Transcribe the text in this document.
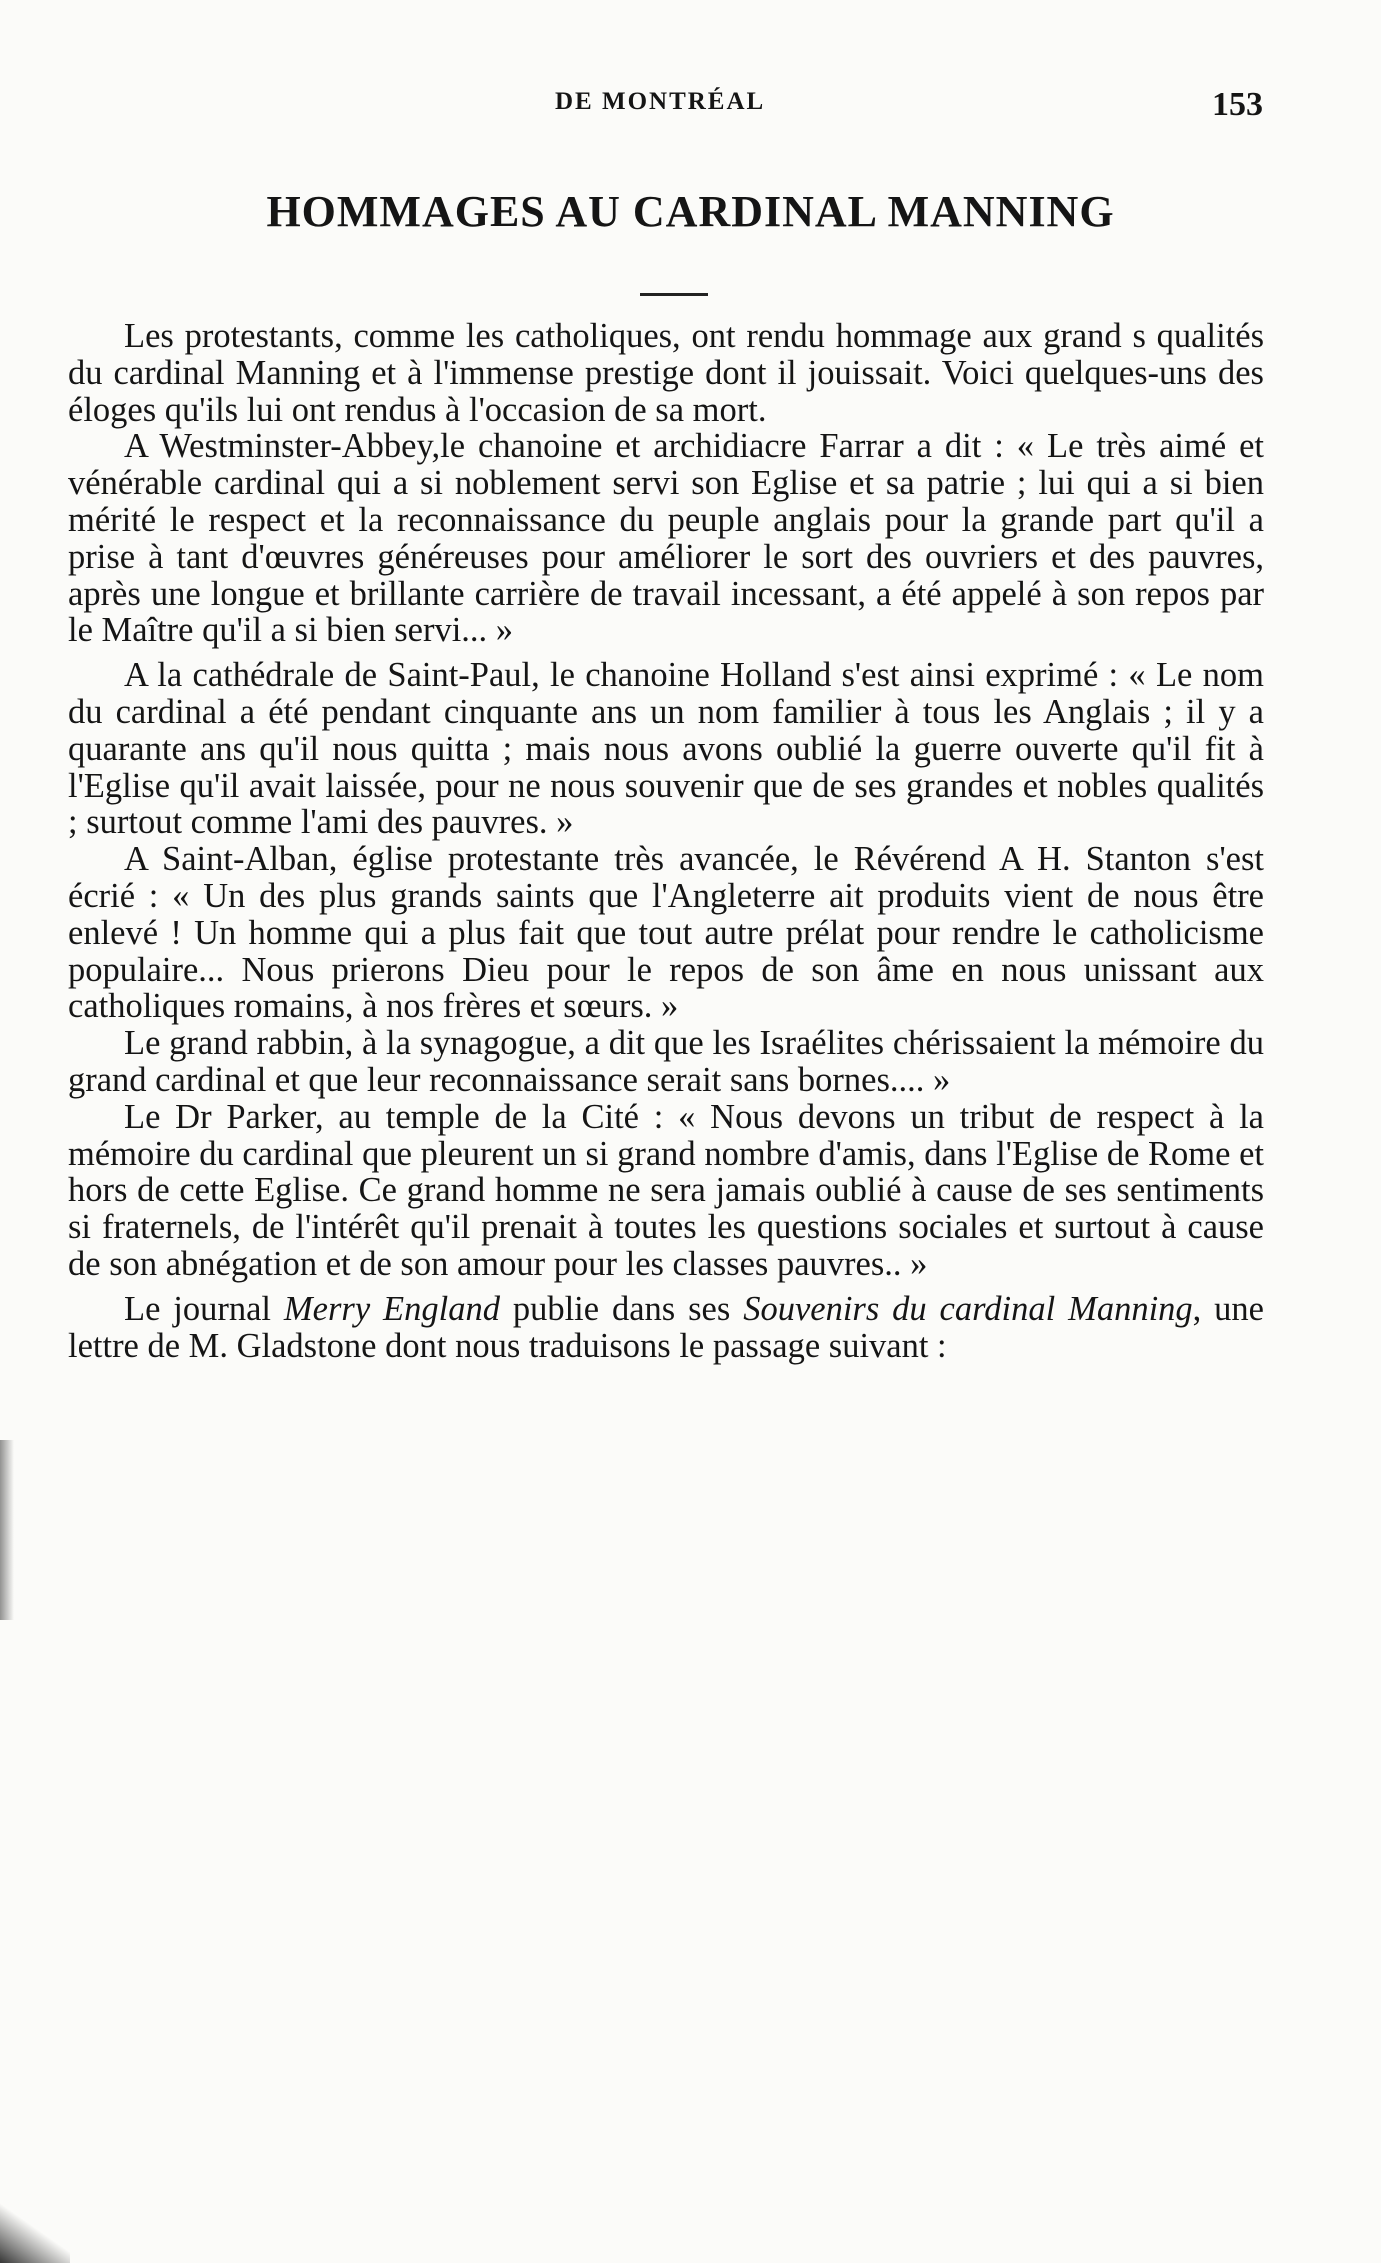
DE MONTRÉAL	153
HOMMAGES AU CARDINAL MANNING

Les protestants, comme les catholiques, ont rendu hommage aux grand s qualités du cardinal Manning et à l'immense prestige dont il jouissait. Voici quelques-uns des éloges qu'ils lui ont rendus à l'occasion de sa mort.

A Westminster-Abbey,le chanoine et archidiacre Farrar a dit : « Le très aimé et vénérable cardinal qui a si noblement servi son Eglise et sa patrie ; lui qui a si bien mérité le respect et la reconnaissance du peuple anglais pour la grande part qu'il a prise à tant d'œuvres généreuses pour améliorer le sort des ouvriers et des pauvres, après une longue et brillante carrière de travail incessant, a été appelé à son repos par le Maître qu'il a si bien servi... »

A la cathédrale de Saint-Paul, le chanoine Holland s'est ainsi exprimé : « Le nom du cardinal a été pendant cinquante ans un nom familier à tous les Anglais ; il y a quarante ans qu'il nous quitta ; mais nous avons oublié la guerre ouverte qu'il fit à l'Eglise qu'il avait laissée, pour ne nous souvenir que de ses grandes et nobles qualités ; surtout comme l'ami des pauvres. »

A Saint-Alban, église protestante très avancée, le Révérend A H. Stanton s'est écrié : « Un des plus grands saints que l'Angleterre ait produits vient de nous être enlevé ! Un homme qui a plus fait que tout autre prélat pour rendre le catholicisme populaire... Nous prierons Dieu pour le repos de son âme en nous unissant aux catholiques romains, à nos frères et sœurs. »

Le grand rabbin, à la synagogue, a dit que les Israélites chérissaient la mémoire du grand cardinal et que leur reconnaissance serait sans bornes.... »

Le Dr Parker, au temple de la Cité : « Nous devons un tribut de respect à la mémoire du cardinal que pleurent un si grand nombre d'amis, dans l'Eglise de Rome et hors de cette Eglise. Ce grand homme ne sera jamais oublié à cause de ses sentiments si fraternels, de l'intérêt qu'il prenait à toutes les questions sociales et surtout à cause de son abnégation et de son amour pour les classes pauvres.. »

Le journal Merry England publie dans ses Souvenirs du cardinal Manning, une lettre de M. Gladstone dont nous traduisons le passage suivant :
